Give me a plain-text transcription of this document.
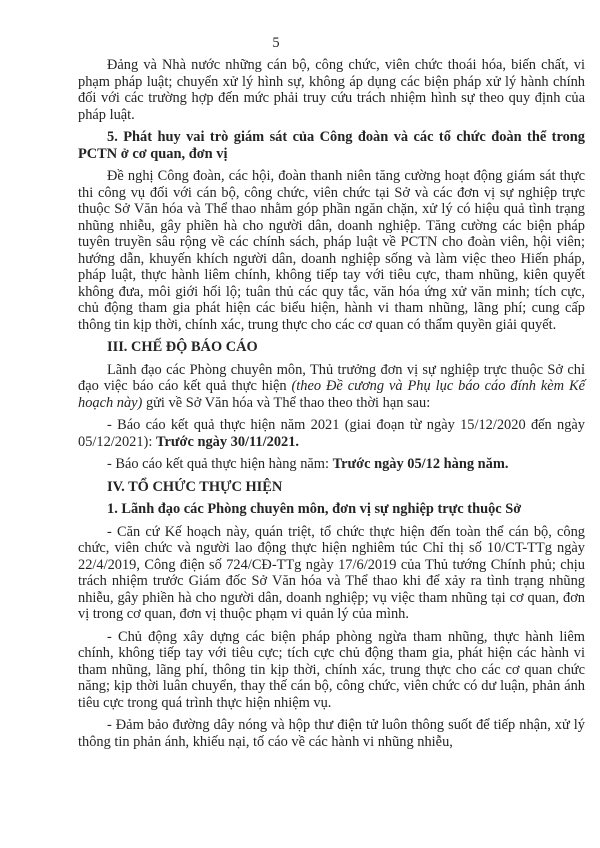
5

Đảng và Nhà nước những cán bộ, công chức, viên chức thoái hóa, biến chất, vi phạm pháp luật; chuyển xử lý hình sự, không áp dụng các biện pháp xử lý hành chính đối với các trường hợp đến mức phải truy cứu trách nhiệm hình sự theo quy định của pháp luật.

5. Phát huy vai trò giám sát của Công đoàn và các tổ chức đoàn thể trong PCTN ở cơ quan, đơn vị

Đề nghị Công đoàn, các hội, đoàn thanh niên tăng cường hoạt động giám sát thực thi công vụ đối với cán bộ, công chức, viên chức tại Sở và các đơn vị sự nghiệp trực thuộc Sở Văn hóa và Thể thao nhằm góp phần ngăn chặn, xử lý có hiệu quả tình trạng nhũng nhiễu, gây phiền hà cho người dân, doanh nghiệp. Tăng cường các biện pháp tuyên truyền sâu rộng về các chính sách, pháp luật về PCTN cho đoàn viên, hội viên; hướng dẫn, khuyến khích người dân, doanh nghiệp sống và làm việc theo Hiến pháp, pháp luật, thực hành liêm chính, không tiếp tay với tiêu cực, tham nhũng, kiên quyết không đưa, môi giới hối lộ; tuân thủ các quy tắc, văn hóa ứng xử văn minh; tích cực, chủ động tham gia phát hiện các biểu hiện, hành vi tham nhũng, lãng phí; cung cấp thông tin kịp thời, chính xác, trung thực cho các cơ quan có thẩm quyền giải quyết.

III. CHẾ ĐỘ BÁO CÁO

Lãnh đạo các Phòng chuyên môn, Thủ trưởng đơn vị sự nghiệp trực thuộc Sở chỉ đạo việc báo cáo kết quả thực hiện (theo Đề cương và Phụ lục báo cáo đính kèm Kế hoạch này) gửi về Sở Văn hóa và Thể thao theo thời hạn sau:

- Báo cáo kết quả thực hiện năm 2021 (giai đoạn từ ngày 15/12/2020 đến ngày 05/12/2021): Trước ngày 30/11/2021.

- Báo cáo kết quả thực hiện hàng năm: Trước ngày 05/12 hàng năm.

IV. TỔ CHỨC THỰC HIỆN

1. Lãnh đạo các Phòng chuyên môn, đơn vị sự nghiệp trực thuộc Sở

- Căn cứ Kế hoạch này, quán triệt, tổ chức thực hiện đến toàn thể cán bộ, công chức, viên chức và người lao động thực hiện nghiêm túc Chỉ thị số 10/CT-TTg ngày 22/4/2019, Công điện số 724/CĐ-TTg ngày 17/6/2019 của Thủ tướng Chính phủ; chịu trách nhiệm trước Giám đốc Sở Văn hóa và Thể thao khi để xảy ra tình trạng nhũng nhiễu, gây phiền hà cho người dân, doanh nghiệp; vụ việc tham nhũng tại cơ quan, đơn vị trong cơ quan, đơn vị thuộc phạm vi quản lý của mình.

- Chủ động xây dựng các biện pháp phòng ngừa tham nhũng, thực hành liêm chính, không tiếp tay với tiêu cực; tích cực chủ động tham gia, phát hiện các hành vi tham nhũng, lãng phí, thông tin kịp thời, chính xác, trung thực cho các cơ quan chức năng; kịp thời luân chuyển, thay thế cán bộ, công chức, viên chức có dư luận, phản ánh tiêu cực trong quá trình thực hiện nhiệm vụ.

- Đảm bảo đường dây nóng và hộp thư điện tử luôn thông suốt để tiếp nhận, xử lý thông tin phản ánh, khiếu nại, tố cáo về các hành vi nhũng nhiễu,
